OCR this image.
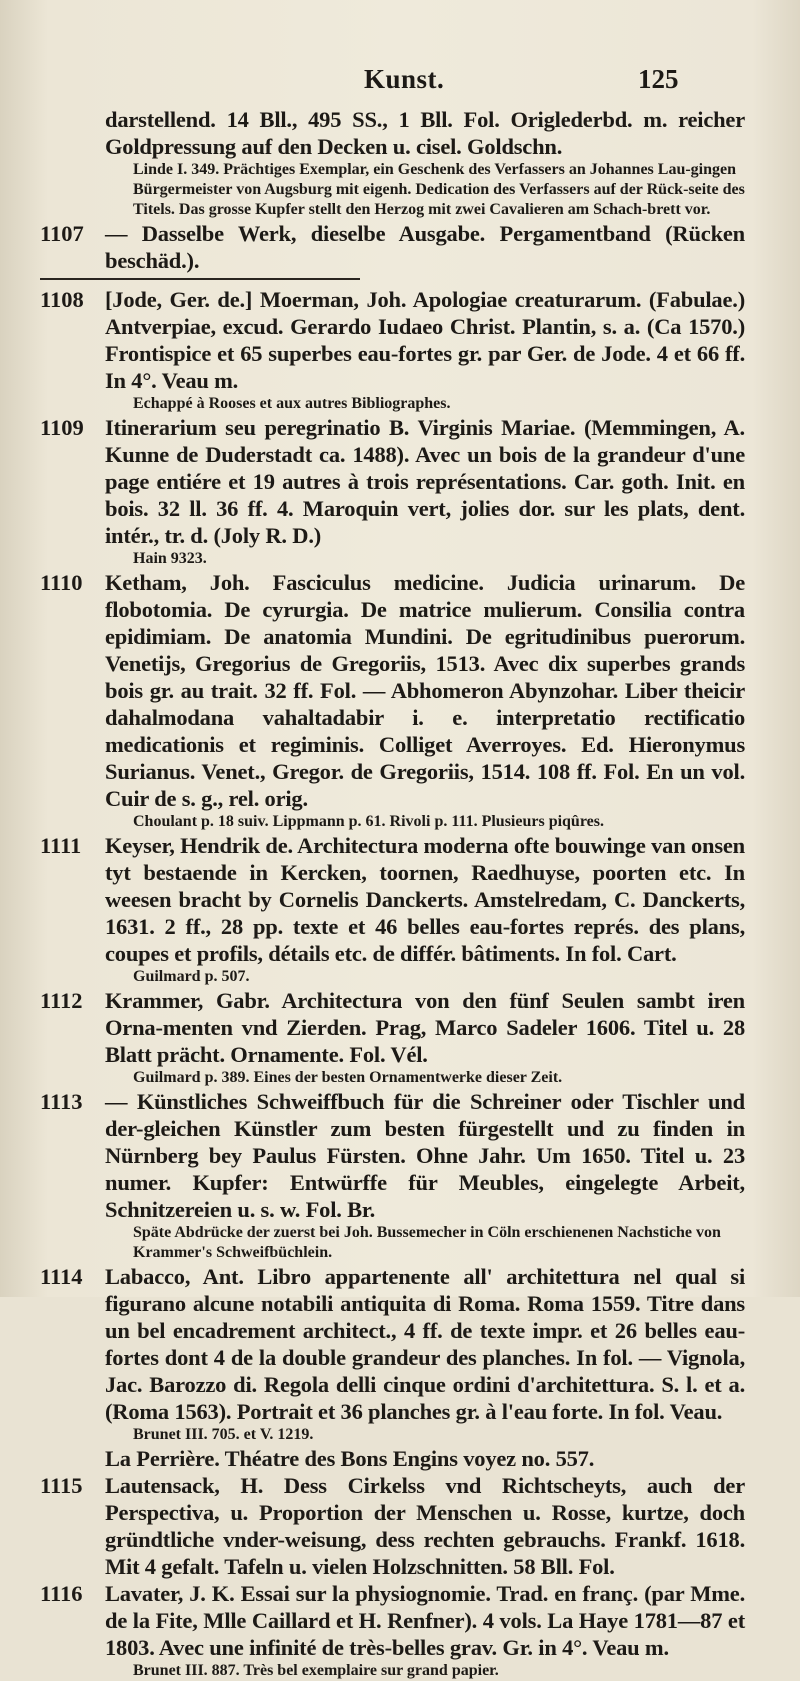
Kunst.	125
darstellend. 14 Bll., 495 SS., 1 Bll. Fol. Origlederbd. m. reicher Goldpressung auf den Decken u. cisel. Goldschn.
Linde I. 349. Prächtiges Exemplar, ein Geschenk des Verfassers an Johannes Lau-gingen Bürgermeister von Augsburg mit eigenh. Dedication des Verfassers auf der Rück-seite des Titels. Das grosse Kupfer stellt den Herzog mit zwei Cavalieren am Schach-brett vor.
1107 — Dasselbe Werk, dieselbe Ausgabe. Pergamentband (Rücken beschäd.).
1108 [Jode, Ger. de.] Moerman, Joh. Apologiae creaturarum. (Fabulae.) Antverpiae, excud. Gerardo Iudaeo Christ. Plantin, s. a. (Ca 1570.) Frontispice et 65 superbes eau-fortes gr. par Ger. de Jode. 4 et 66 ff. In 4°. Veau m.
Echappé à Rooses et aux autres Bibliographes.
1109 Itinerarium seu peregrinatio B. Virginis Mariae. (Memmingen, A. Kunne de Duderstadt ca. 1488). Avec un bois de la grandeur d'une page entiére et 19 autres à trois représentations. Car. goth. Init. en bois. 32 ll. 36 ff. 4. Maroquin vert, jolies dor. sur les plats, dent. intér., tr. d. (Joly R. D.)
Hain 9323.
1110 Ketham, Joh. Fasciculus medicine. Judicia urinarum. De flobotomia. De cyrurgia. De matrice mulierum. Consilia contra epidimiam. De anatomia Mundini. De egritudinibus puerorum. Venetijs, Gregorius de Gregoriis, 1513. Avec dix superbes grands bois gr. au trait. 32 ff. Fol. — Abhomeron Abynzohar. Liber theicir dahalmodana vahaltadabir i. e. interpretatio rectificatio medicationis et regiminis. Colliget Averroyes. Ed. Hieronymus Surianus. Venet., Gregor. de Gregoriis, 1514. 108 ff. Fol. En un vol. Cuir de s. g., rel. orig.
Choulant p. 18 suiv. Lippmann p. 61. Rivoli p. 111. Plusieurs piqûres.
1111	Keyser, Hendrik de. Architectura moderna ofte bouwinge van onsen tyt bestaende in Kercken, toornen, Raedhuyse, poorten etc. In weesen bracht by Cornelis Danckerts. Amstelredam, C. Danckerts, 1631. 2 ff., 28 pp. texte et 46 belles eau-fortes représ. des plans, coupes et profils, détails etc. de différ. bâtiments. In fol. Cart.
Guilmard p. 507.
1112 Krammer, Gabr. Architectura von den fünf Seulen sambt iren Orna-menten vnd Zierden. Prag, Marco Sadeler 1606. Titel u. 28 Blatt prächt. Ornamente. Fol. Vél.
Guilmard p. 389. Eines der besten Ornamentwerke dieser Zeit.
1113 — Künstliches Schweiffbuch für die Schreiner oder Tischler und der-gleichen Künstler zum besten fürgestellt und zu finden in Nürnberg bey Paulus Fürsten. Ohne Jahr. Um 1650. Titel u. 23 numer. Kupfer: Entwürffe für Meubles, eingelegte Arbeit, Schnitzereien u. s. w. Fol. Br.
Späte Abdrücke der zuerst bei Joh. Bussemecher in Cöln erschienenen Nachstiche von Krammer's Schweifbüchlein.
1114 Labacco, Ant. Libro appartenente all' architettura nel qual si figurano alcune notabili antiquita di Roma. Roma 1559. Titre dans un bel encadrement architect., 4 ff. de texte impr. et 26 belles eau-fortes dont 4 de la double grandeur des planches. In fol. — Vignola, Jac. Barozzo di. Regola delli cinque ordini d'architettura. S. l. et a. (Roma 1563). Portrait et 36 planches gr. à l'eau forte. In fol. Veau.
Brunet III. 705. et V. 1219.
La Perrière. Théatre des Bons Engins voyez no. 557.
1115 Lautensack, H. Dess Cirkelss vnd Richtscheyts, auch der Perspectiva, u. Proportion der Menschen u. Rosse, kurtze, doch gründtliche vnder-weisung, dess rechten gebrauchs. Frankf. 1618. Mit 4 gefalt. Tafeln u. vielen Holzschnitten. 58 Bll. Fol.
1116 Lavater, J. K. Essai sur la physiognomie. Trad. en franç. (par Mme. de la Fite, Mlle Caillard et H. Renfner). 4 vols. La Haye 1781—87 et 1803. Avec une infinité de très-belles grav. Gr. in 4°. Veau m.
Brunet III. 887. Très bel exemplaire sur grand papier.
